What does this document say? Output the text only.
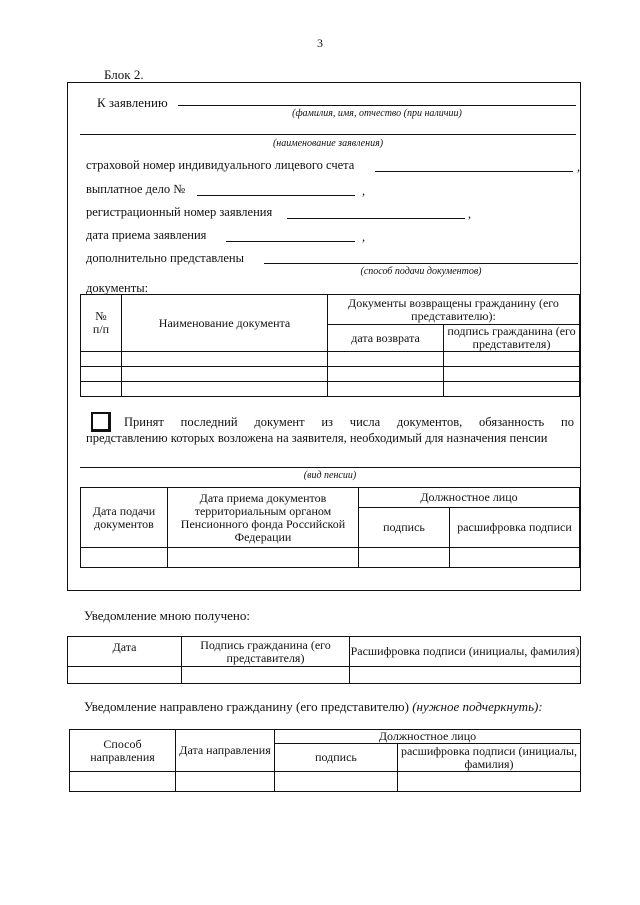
3
Блок 2.
К заявлению
(фамилия, имя, отчество (при наличии)
(наименование заявления)
страховой номер индивидуального лицевого счета	,
выплатное дело №	,
регистрационный номер заявления	,
дата приема заявления	,
дополнительно представлены
(способ подачи документов)
документы:
№
п/п	Наименование документа	Документы возвращены гражданину (его представителю):	
		дата возврата	подпись гражданина (его представителя)

Принят последний документ из числа документов, обязанность по
представлению которых возложена на заявителя, необходимый для назначения пенсии
(вид пенсии)
Дата подачи документов	Дата приема документов территориальным органом Пенсионного фонда Российской Федерации	Должностное лицо	
		подпись	расшифровка подписи

Уведомление мною получено:
Дата	Подпись гражданина (его представителя)	Расшифровка подписи (инициалы, фамилия)

Уведомление направлено гражданину (его представителю) (нужное подчеркнуть):
Способ направления	Дата направления	Должностное лицо	
		подпись	расшифровка подписи (инициалы, фамилия)
